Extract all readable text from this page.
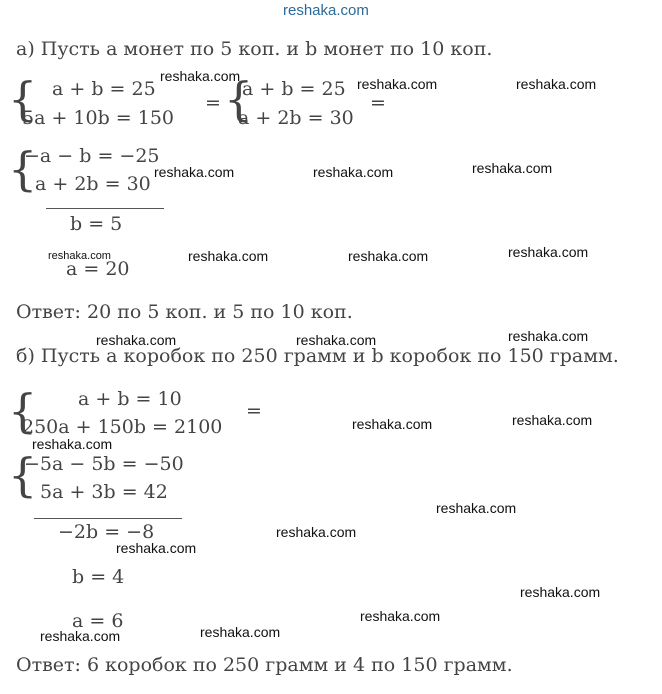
reshaka.com
а) Пусть a монет по 5 коп. и b монет по 10 коп.
{ a + b = 25
5a + 10b = 150
= {
a + b = 25
a + 2b = 30
=
{
−a − b = −25
a + 2b = 30
b = 5
a = 20
Ответ: 20 по 5 коп. и 5 по 10 коп.
б) Пусть a коробок по 250 грамм и b коробок по 150 грамм.
{ a + b = 10
250a + 150b = 2100
=
{
−5a − 5b = −50
5a + 3b = 42
−2b = −8
b = 4
a = 6
Ответ: 6 коробок по 250 грамм и 4 по 150 грамм.
reshaka.com	reshaka.com	reshaka.com
reshaka.com	reshaka.com	reshaka.com
reshaka.com	reshaka.com	reshaka.com	reshaka.com
reshaka.com	reshaka.com	reshaka.com
reshaka.com	reshaka.com
reshaka.com
reshaka.com
reshaka.com
reshaka.com
reshaka.com
reshaka.com
reshaka.com
reshaka.com
